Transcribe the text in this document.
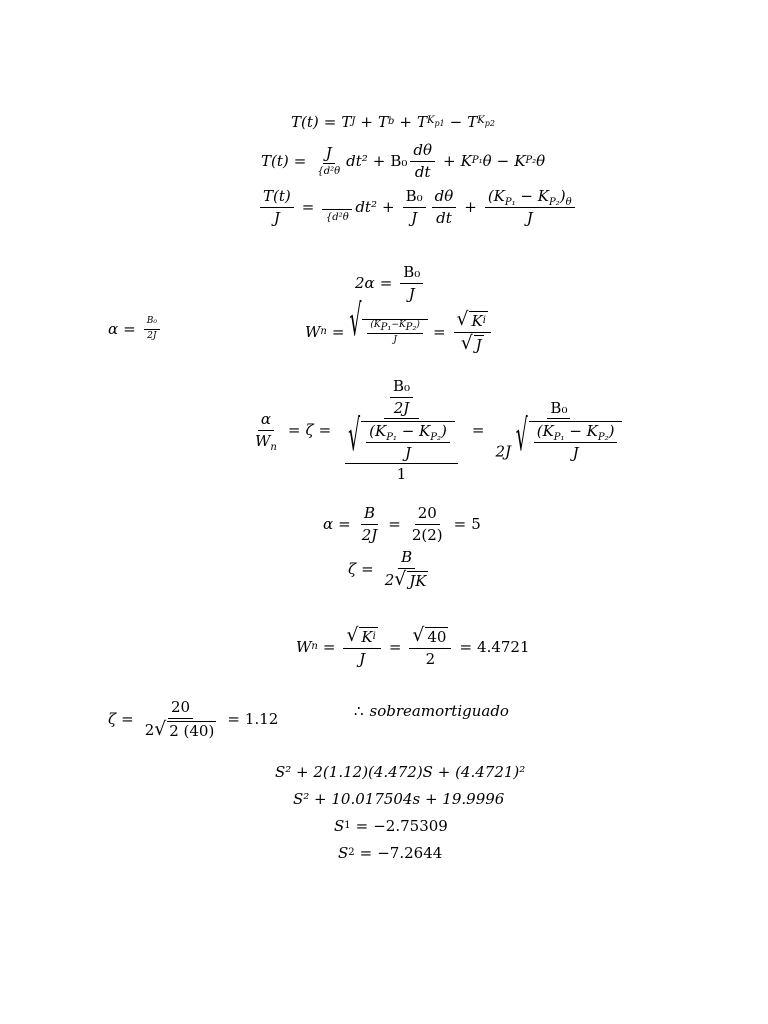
T(t) = T J + T b + T $K_{p1} - T$ $K_{p2}$
$T(t) = \frac{J}{\text{\{d²θ}} dt^2 + B_0 \frac{d\theta}{dt} + K$ P₁ θ − K P₂ θ
$\frac{T(t)}{J}$ =

{d²θ
$dt^2 + \frac{\text{B₀}}{J} \frac{d\theta}{dt} + \frac{(K_{P_1} - K_{P_2})_\theta}{J}$
$2\alpha = \frac{\text{B₀}}{J}$
$\alpha = \frac{\text{B₀}}{2J}$	W n = √ $\frac{(K_{P_1}-K_{P_2})}{J} = \frac{\text{√ K i}}{√ J}$
$\frac{\alpha}{W_n} = \zeta = \frac{\frac{\text{B₀}}{2J}}{\frac{√ \frac{(K_{P_1} - K_{P_2})}{J}}{1}} = \frac{\text{B₀}}{2J √ \frac{(K_{P_1} - K_{P_2})}{J}}$
$\alpha = \frac{B}{2J} = \frac{20}{2(2)} = 5$
$\zeta = \frac{B}{2 √ JK}$
W $n = \frac{\text{√ K i}}{J} = \frac{√ 40}{2} = 4.4721$
$\zeta = \frac{20}{2 √ 2 (40)} = 1.12$	∴ sobreamortiguado
S² + 2(1.12)(4.472)S + (4.4721)²
S² + 10.017504s + 19.9996
S 1 = −2.75309
S 2 = −7.2644
